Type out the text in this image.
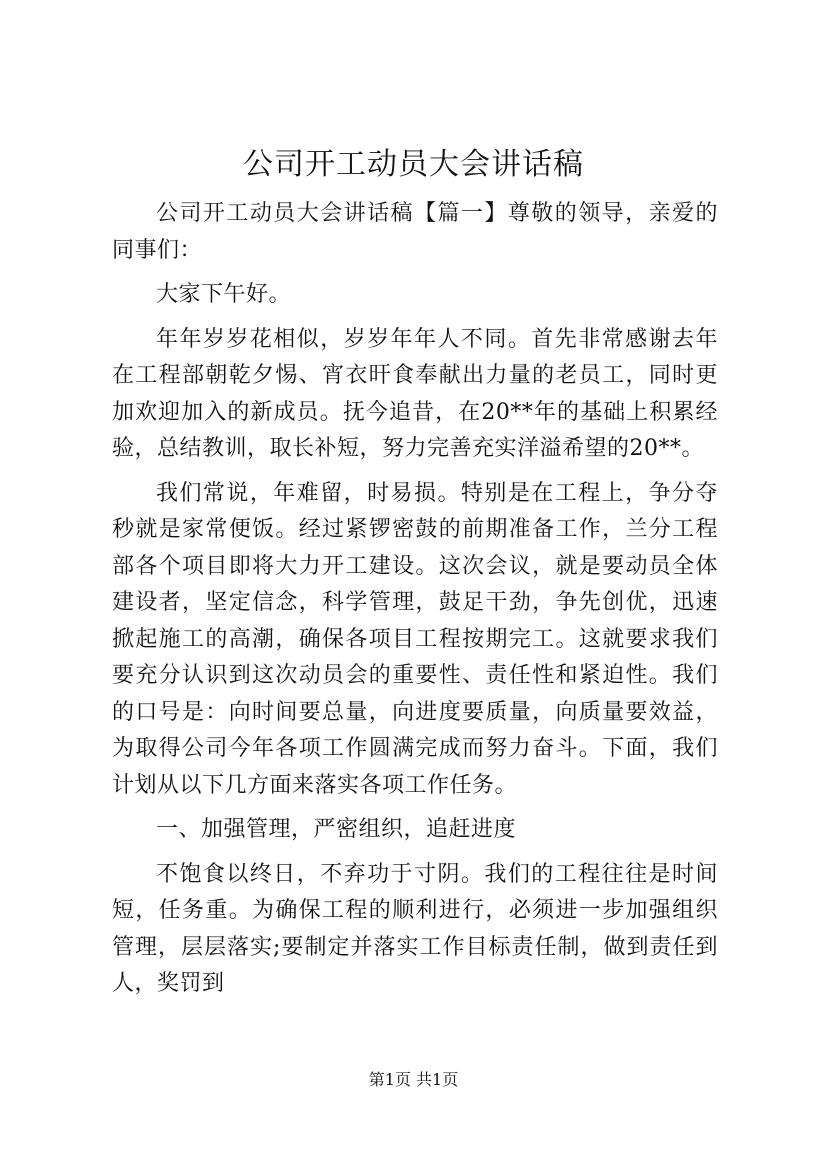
公司开工动员大会讲话稿

公司开工动员大会讲话稿【篇一】尊敬的领导，亲爱的同事们：

大家下午好。

年年岁岁花相似，岁岁年年人不同。首先非常感谢去年在工程部朝乾夕惕、宵衣旰食奉献出力量的老员工，同时更加欢迎加入的新成员。抚今追昔，在20**年的基础上积累经验，总结教训，取长补短，努力完善充实洋溢希望的20**。

我们常说，年难留，时易损。特别是在工程上，争分夺秒就是家常便饭。经过紧锣密鼓的前期准备工作，兰分工程部各个项目即将大力开工建设。这次会议，就是要动员全体建设者，坚定信念，科学管理，鼓足干劲，争先创优，迅速掀起施工的高潮，确保各项目工程按期完工。这就要求我们要充分认识到这次动员会的重要性、责任性和紧迫性。我们的口号是：向时间要总量，向进度要质量，向质量要效益，为取得公司今年各项工作圆满完成而努力奋斗。下面，我们计划从以下几方面来落实各项工作任务。

一、加强管理，严密组织，追赶进度

不饱食以终日，不弃功于寸阴。我们的工程往往是时间短，任务重。为确保工程的顺利进行，必须进一步加强组织管理，层层落实;要制定并落实工作目标责任制，做到责任到人，奖罚到

第1页 共1页
